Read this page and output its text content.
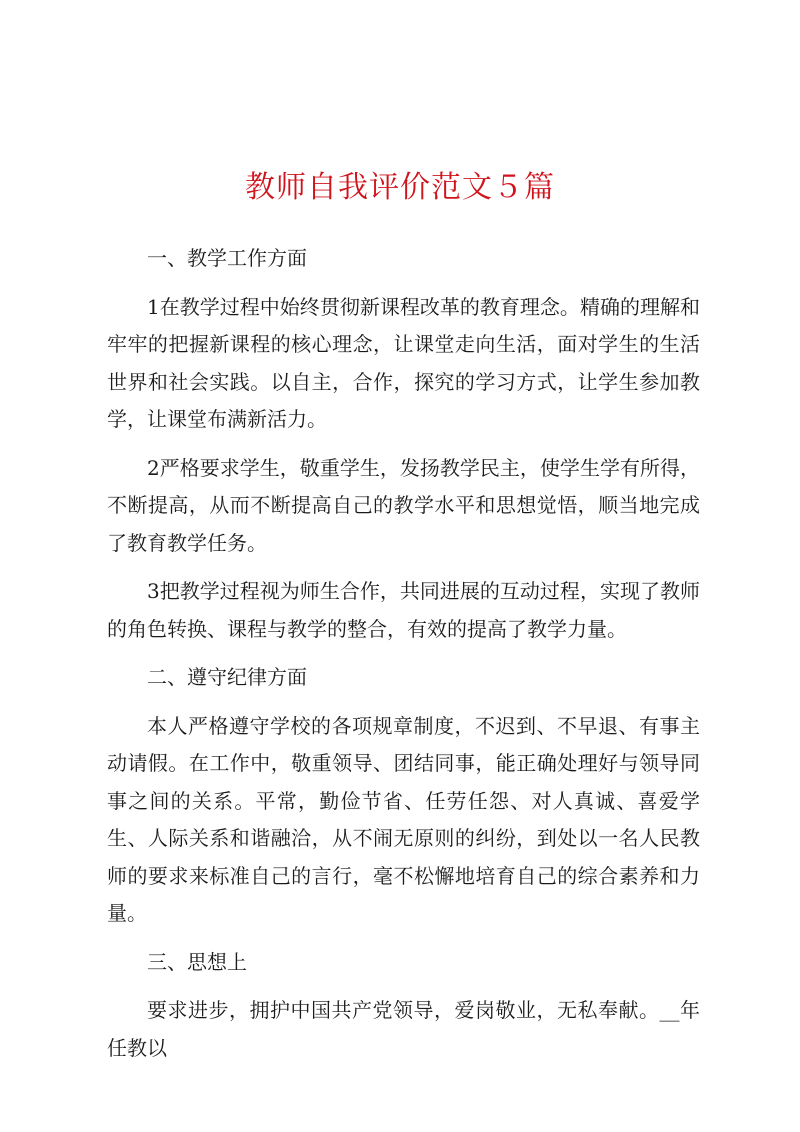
教师自我评价范文５篇

一、教学工作方面

1在教学过程中始终贯彻新课程改革的教育理念。精确的理解和牢牢的把握新课程的核心理念，让课堂走向生活，面对学生的生活世界和社会实践。以自主，合作，探究的学习方式，让学生参加教学，让课堂布满新活力。

2严格要求学生，敬重学生，发扬教学民主，使学生学有所得，不断提高，从而不断提高自己的教学水平和思想觉悟，顺当地完成了教育教学任务。

3把教学过程视为师生合作，共同进展的互动过程，实现了教师的角色转换、课程与教学的整合，有效的提高了教学力量。

二、遵守纪律方面

本人严格遵守学校的各项规章制度，不迟到、不早退、有事主动请假。在工作中，敬重领导、团结同事，能正确处理好与领导同事之间的关系。平常，勤俭节省、任劳任怨、对人真诚、喜爱学生、人际关系和谐融洽，从不闹无原则的纠纷，到处以一名人民教师的要求来标准自己的言行，毫不松懈地培育自己的综合素养和力量。

三、思想上

要求进步，拥护中国共产党领导，爱岗敬业，无私奉献。__年任教以
